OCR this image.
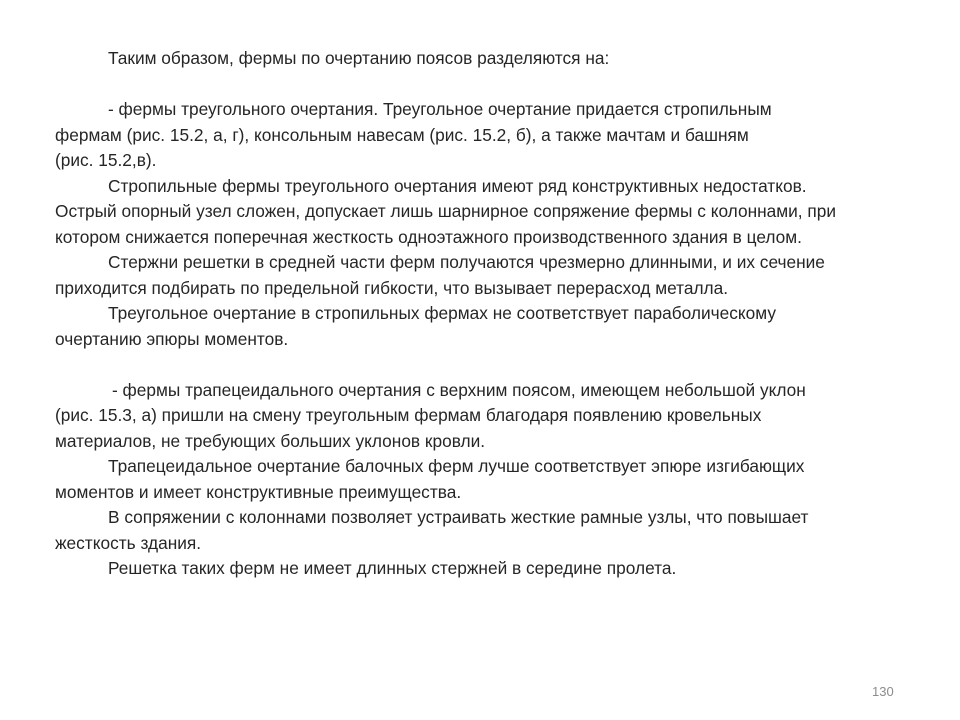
Таким образом, фермы по очертанию поясов разделяются на:
- фермы треугольного очертания. Треугольное очертание придается стропильным
фермам (рис. 15.2, а, г), консольным навесам (рис. 15.2, б), а также мачтам и башням
(рис. 15.2,в).
Стропильные фермы треугольного очертания имеют ряд конструктивных недостатков.
Острый опорный узел сложен, допускает лишь шарнирное сопряжение фермы с колоннами, при
котором снижается поперечная жесткость одноэтажного производственного здания в целом.
Стержни решетки в средней части ферм получаются чрезмерно длинными, и их сечение
приходится подбирать по предельной гибкости, что вызывает перерасход металла.
Треугольное очертание в стропильных фермах не соответствует параболическому
очертанию эпюры моментов.
- фермы трапецеидального очертания с верхним поясом, имеющем небольшой уклон
(рис. 15.3, а) пришли на смену треугольным фермам благодаря появлению кровельных
материалов, не требующих больших уклонов кровли.
Трапецеидальное очертание балочных ферм лучше соответствует эпюре изгибающих
моментов и имеет конструктивные преимущества.
В сопряжении с колоннами позволяет устраивать жесткие рамные узлы, что повышает
жесткость здания.
Решетка таких ферм не имеет длинных стержней в середине пролета.
130
